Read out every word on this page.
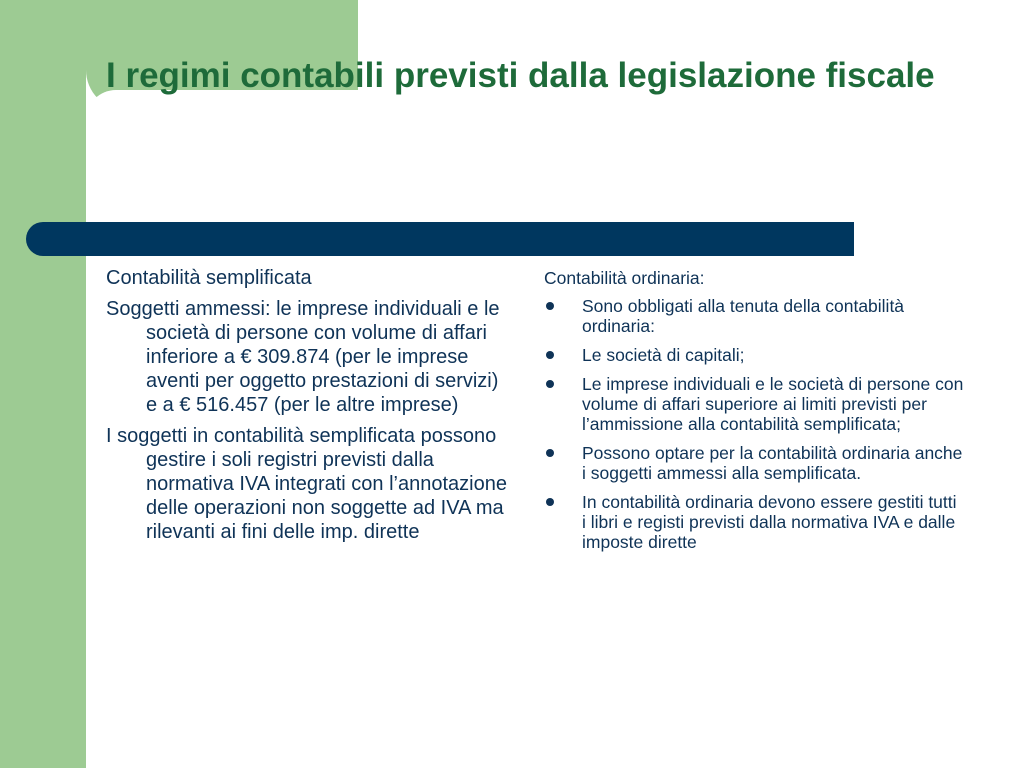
I regimi contabili previsti dalla legislazione fiscale

Contabilità semplificata

Soggetti ammessi: le imprese individuali e le società di persone con volume di affari inferiore a € 309.874 (per le imprese aventi per oggetto prestazioni di servizi) e a € 516.457 (per le altre imprese)

I soggetti in contabilità semplificata possono gestire i soli registri previsti dalla normativa IVA integrati con l’annotazione delle operazioni non soggette ad IVA ma rilevanti ai fini delle imp. dirette

Contabilità ordinaria:

Sono obbligati alla tenuta della contabilità ordinaria:
Le società di capitali;
Le imprese individuali e le società di persone con volume di affari superiore ai limiti previsti per l’ammissione alla contabilità semplificata;
Possono optare per la contabilità ordinaria anche i soggetti ammessi alla semplificata.
In contabilità ordinaria devono essere gestiti tutti i libri e registi previsti dalla normativa IVA e dalle imposte dirette
